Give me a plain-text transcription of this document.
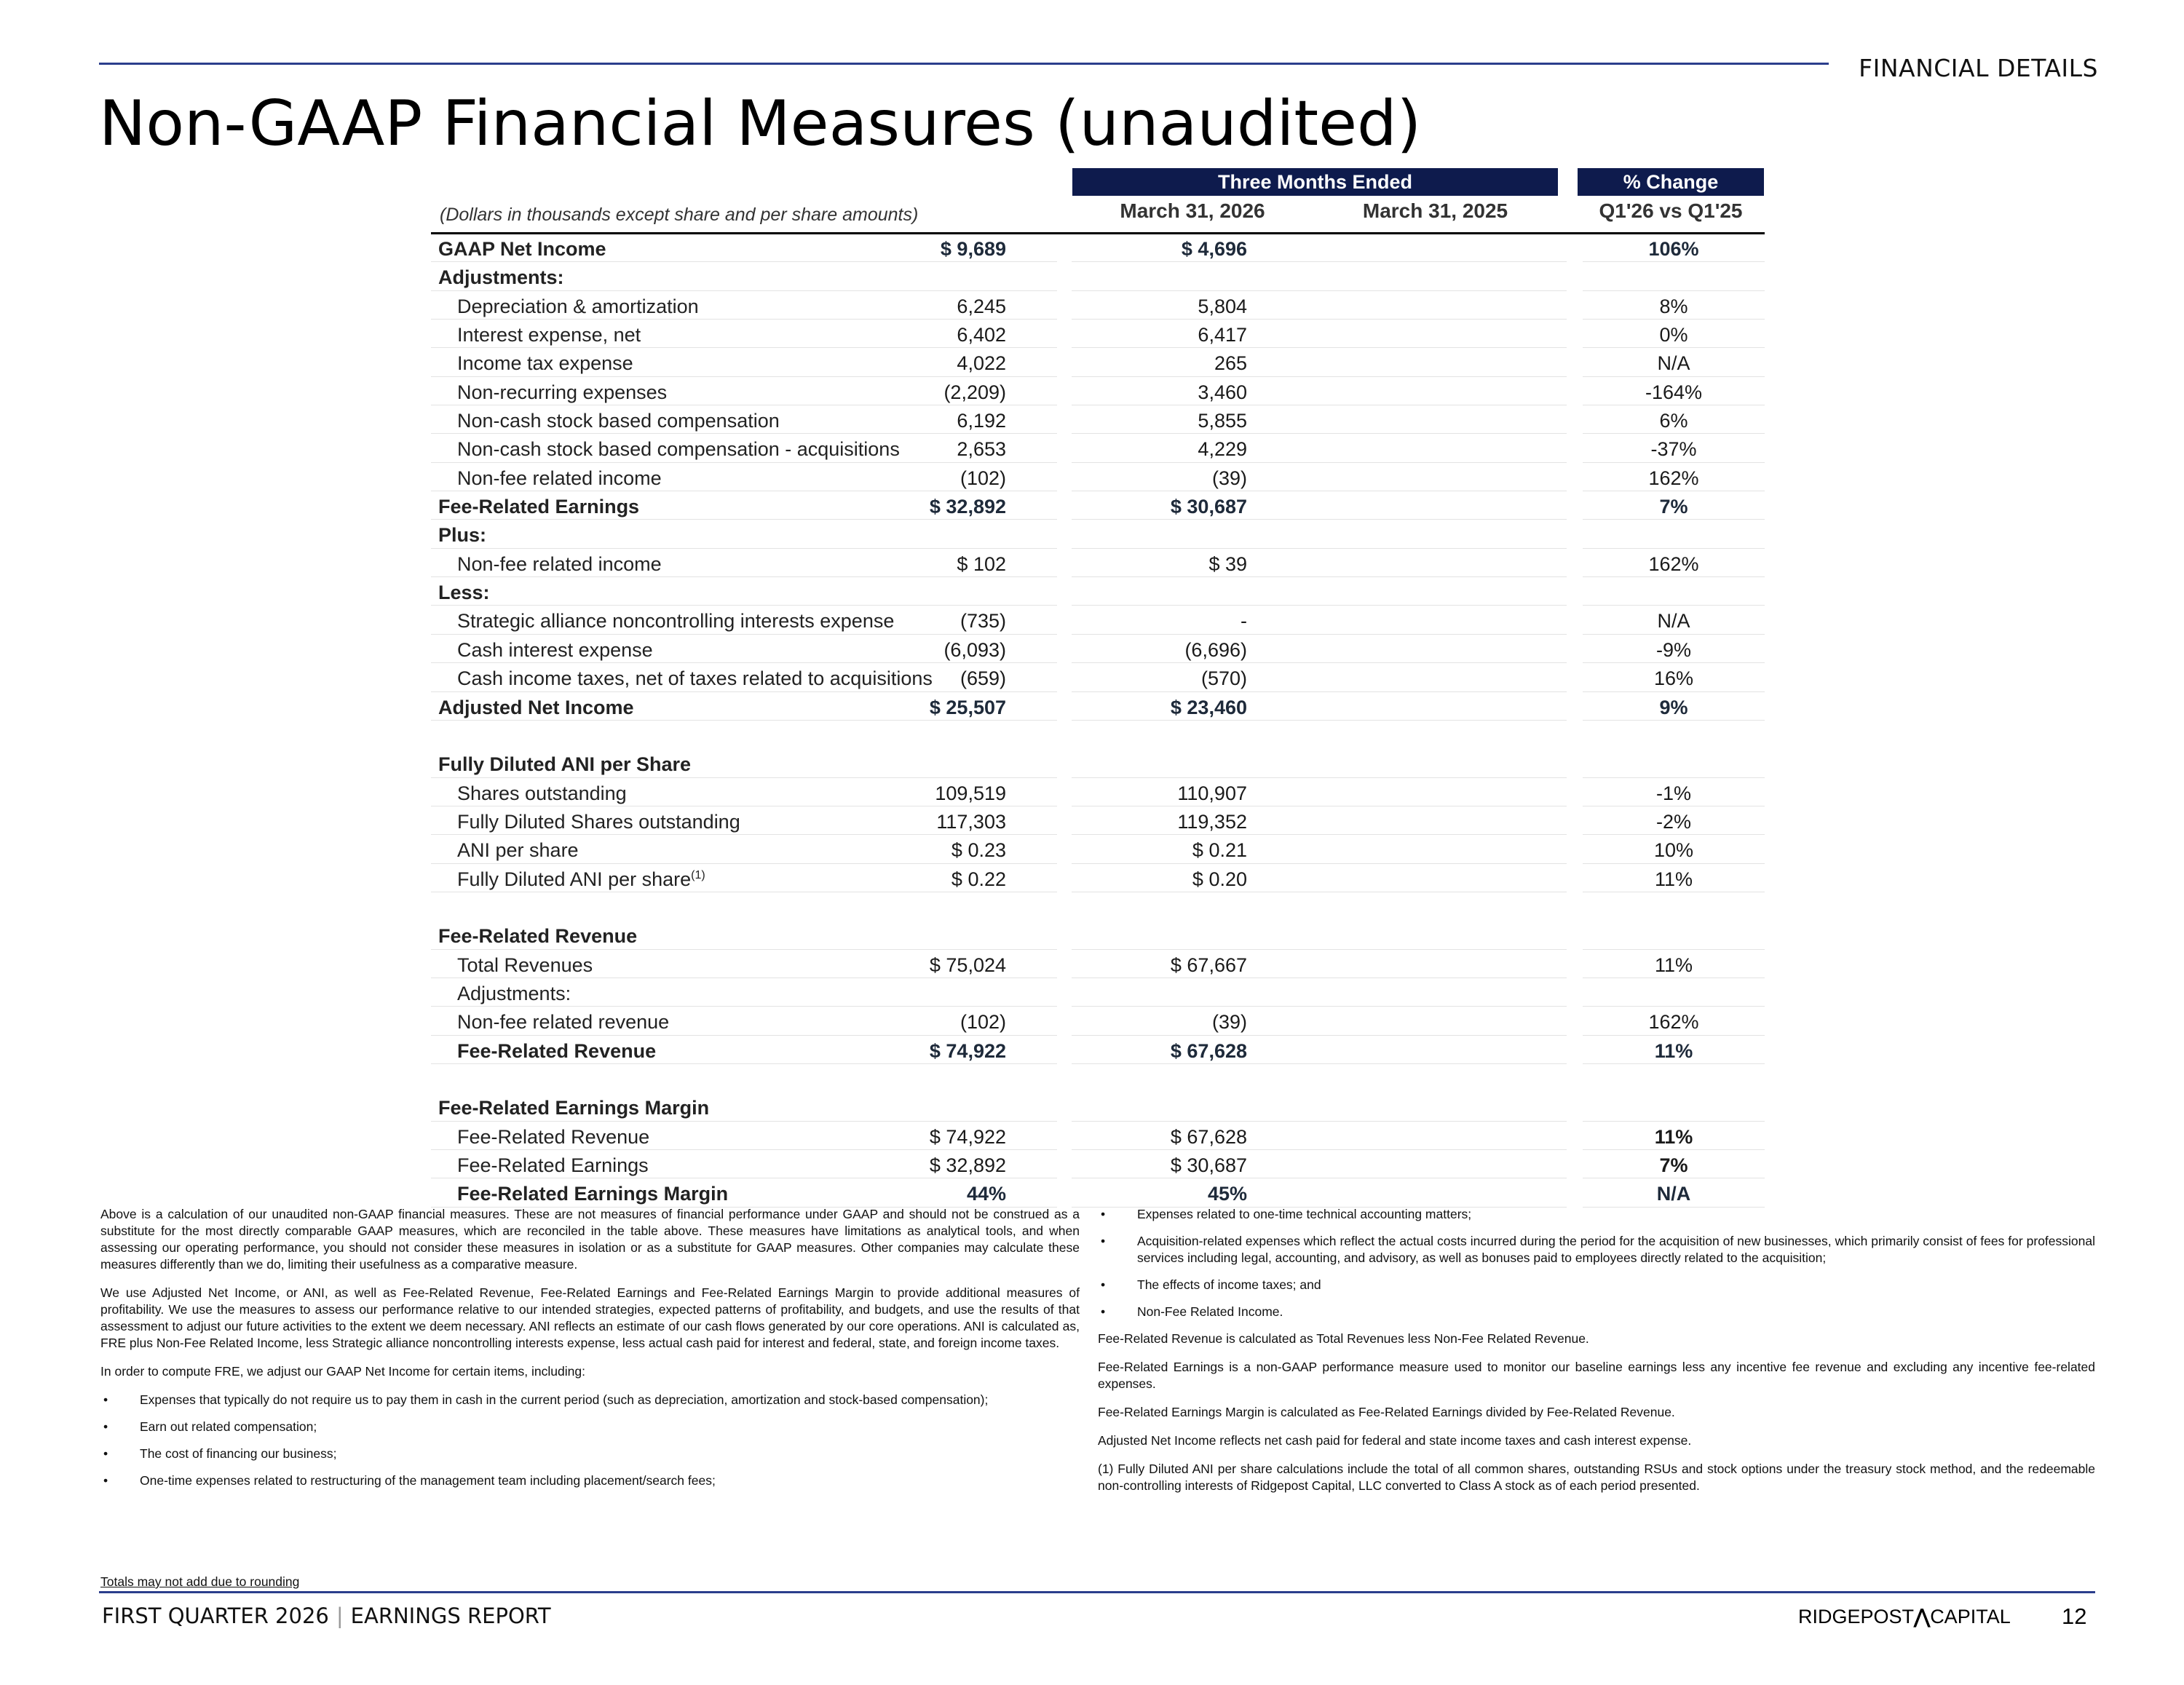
FINANCIAL DETAILS
Non-GAAP Financial Measures (unaudited)
Three Months Ended	% Change
(Dollars in thousands except share and per share amounts)	March 31, 2026	March 31, 2025	Q1'26 vs Q1'25
GAAP Net Income	$ 9,689	$ 4,696	106%
Adjustments:
Depreciation & amortization	6,245	5,804	8%
Interest expense, net	6,402	6,417	0%
Income tax expense	4,022	265	N/A
Non-recurring expenses	(2,209)	3,460	-164%
Non-cash stock based compensation	6,192	5,855	6%
Non-cash stock based compensation - acquisitions	2,653	4,229	-37%
Non-fee related income	(102)	(39)	162%
Fee-Related Earnings	$ 32,892	$ 30,687	7%
Plus:
Non-fee related income	$ 102	$ 39	162%
Less:
Strategic alliance noncontrolling interests expense	(735)	-	N/A
Cash interest expense	(6,093)	(6,696)	-9%
Cash income taxes, net of taxes related to acquisitions (659)	(570)	16%
Adjusted Net Income	$ 25,507	$ 23,460	9%
Fully Diluted ANI per Share
Shares outstanding	109,519	110,907	-1%
Fully Diluted Shares outstanding	117,303	119,352	-2%
ANI per share	$ 0.23	$ 0.21	10%
Fully Diluted ANI per share$^{(1)}$	$ 0.22	$ 0.20	11%
Fee-Related Revenue
Total Revenues	$ 75,024	$ 67,667	11%
Adjustments:
Non-fee related revenue	(102)	(39)	162%
Fee-Related Revenue	$ 74,922	$ 67,628	11%
Fee-Related Earnings Margin
Fee-Related Revenue	$ 74,922	$ 67,628	11%
Fee-Related Earnings	$ 32,892	$ 30,687	7%
Fee-Related Earnings Margin	44%	45%	N/A

Above is a calculation of our unaudited non-GAAP financial measures. These are not measures of financial performance under GAAP and should not be construed as a substitute for the most directly comparable GAAP measures, which are reconciled in the table above. These measures have limitations as analytical tools, and when assessing our operating performance, you should not consider these measures in isolation or as a substitute for GAAP measures. Other companies may calculate these measures differently than we do, limiting their usefulness as a comparative measure.

We use Adjusted Net Income, or ANI, as well as Fee-Related Revenue, Fee-Related Earnings and Fee-Related Earnings Margin to provide additional measures of profitability. We use the measures to assess our performance relative to our intended strategies, expected patterns of profitability, and budgets, and use the results of that assessment to adjust our future activities to the extent we deem necessary. ANI reflects an estimate of our cash flows generated by our core operations. ANI is calculated as, FRE plus Non-Fee Related Income, less Strategic alliance noncontrolling interests expense, less actual cash paid for interest and federal, state, and foreign income taxes.

In order to compute FRE, we adjust our GAAP Net Income for certain items, including:

•	Expenses that typically do not require us to pay them in cash in the current period (such as depreciation, amortization and stock-based compensation);
•	Earn out related compensation;
•	The cost of financing our business;
•	One-time expenses related to restructuring of the management team including placement/search fees;
•	Expenses related to one-time technical accounting matters;
•	Acquisition-related expenses which reflect the actual costs incurred during the period for the acquisition of new businesses, which primarily consist of fees for professional services including legal, accounting, and advisory, as well as bonuses paid to employees directly related to the acquisition;
•	The effects of income taxes; and
•	Non-Fee Related Income.

Fee-Related Revenue is calculated as Total Revenues less Non-Fee Related Revenue.

Fee-Related Earnings is a non-GAAP performance measure used to monitor our baseline earnings less any incentive fee revenue and excluding any incentive fee-related expenses.

Fee-Related Earnings Margin is calculated as Fee-Related Earnings divided by Fee-Related Revenue.

Adjusted Net Income reflects net cash paid for federal and state income taxes and cash interest expense.

(1) Fully Diluted ANI per share calculations include the total of all common shares, outstanding RSUs and stock options under the treasury stock method, and the redeemable non-controlling interests of Ridgepost Capital, LLC converted to Class A stock as of each period presented.

Totals may not add due to rounding
FIRST QUARTER 2026 | EARNINGS REPORT	RIDGEPOST⋀CAPITAL 12
